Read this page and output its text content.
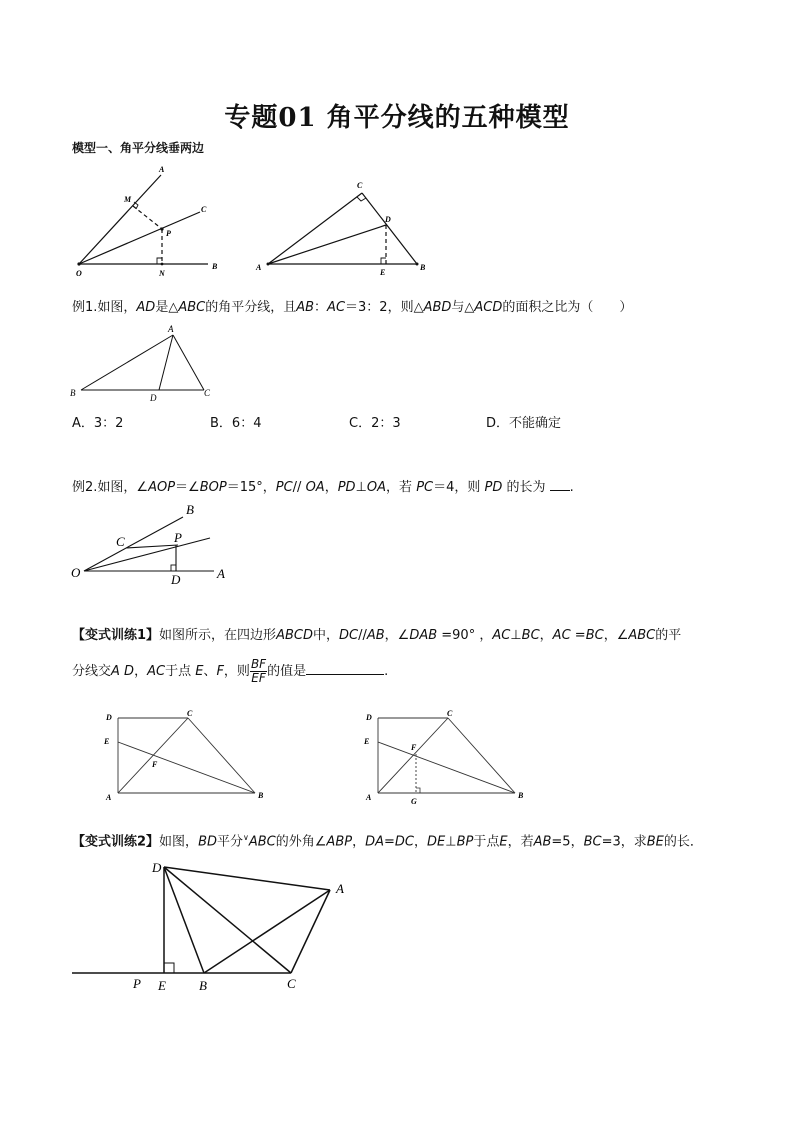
专题01 角平分线的五种模型
模型一、角平分线垂两边
A
M
C
P
O	N
B
C
D
A
E
B
例1.如图，AD是△ABC的角平分线，且AB：AC＝3：2，则△ABD与△ACD的面积之比为（　　）
A
B	D	C
A．3：2	B．6：4	C．2：3	D．不能确定
例2.如图，∠AOP＝∠BOP＝15°，PC// OA，PD⊥OA，若 PC＝4，则 PD 的长为 .
B
C	P
O	D	A
【变式训练1】如图所示，在四边形ABCD中，DC//AB，∠DAB =90° ，AC⊥BC，AC =BC，∠ABC的平
分线交A D，AC于点 E、F，则 $\frac{BF}{EF}$ 的值是	.
D	C
E
F
A	B
D	C
E
F
A	G
B
【变式训练2】如图，BD平分∨ABC的外角∠ABP，DA=DC，DE⊥BP于点E，若AB=5，BC=3，求BE的长．
D
A
P E	B	C
